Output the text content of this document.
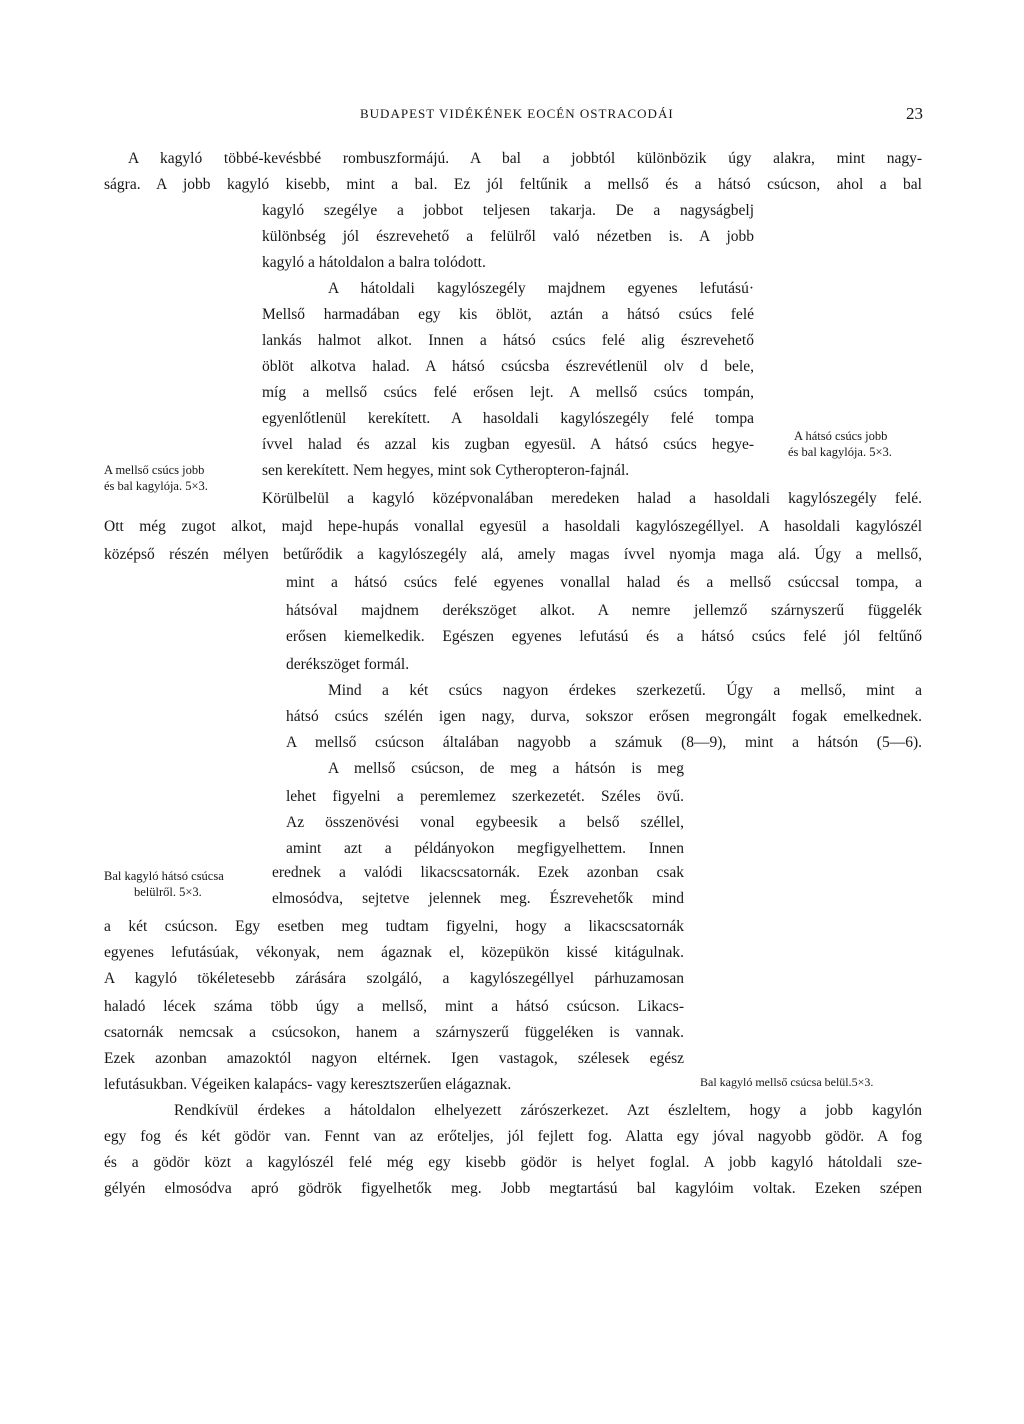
BUDAPEST VIDÉKÉNEK EOCÉN OSTRACODÁI	23
A kagyló többé-kevésbbé rombuszformájú. A bal a jobbtól különbözik úgy alakra, mint nagy-
ságra. A jobb kagyló kisebb, mint a bal. Ez jól feltűnik a mellső és a hátsó csúcson, ahol a bal
kagyló szegélye a jobbot teljesen takarja. De a nagyságbelj
különbség jól észrevehető a felülről való nézetben is. A jobb
kagyló a hátoldalon a balra tolódott.
A hátoldali kagylószegély majdnem egyenes lefutású·
Mellső harmadában egy kis öblöt, aztán a hátsó csúcs felé
lankás halmot alkot. Innen a hátsó csúcs felé alig észrevehető
öblöt alkotva halad. A hátsó csúcsba észrevétlenül olv d bele,
míg a mellső csúcs felé erősen lejt. A mellső csúcs tompán,
egyenlőtlenül kerekített. A hasoldali kagylószegély felé tompa
ívvel halad és azzal kis zugban egyesül. A hátsó csúcs hegye-
sen kerekített. Nem hegyes, mint sok Cytheropteron-fajnál.
Körülbelül a kagyló középvonalában meredeken halad a hasoldali kagylószegély felé.
Ott még zugot alkot, majd hepe-hupás vonallal egyesül a hasoldali kagylószegéllyel. A hasoldali kagylószél
középső részén mélyen betűrődik a kagylószegély alá, amely magas ívvel nyomja maga alá. Úgy a mellső,
mint a hátsó csúcs felé egyenes vonallal halad és a mellső csúccsal tompa, a
hátsóval majdnem derékszöget alkot. A nemre jellemző szárnyszerű függelék
erősen kiemelkedik. Egészen egyenes lefutású és a hátsó csúcs felé jól feltűnő
derékszöget formál.
Mind a két csúcs nagyon érdekes szerkezetű. Úgy a mellső, mint a
hátsó csúcs szélén igen nagy, durva, sokszor erősen megrongált fogak emelkednek.
A mellső csúcson általában nagyobb a számuk (8—9), mint a hátsón (5—6).
A mellső csúcson, de meg a hátsón is meg
lehet figyelni a peremlemez szerkezetét. Széles övű.
Az összenövési vonal egybeesik a belső széllel,
amint azt a példányokon megfigyelhettem. Innen
erednek a valódi likacscsatornák. Ezek azonban csak
elmosódva, sejtetve jelennek meg. Észrevehetők mind
a két csúcson. Egy esetben meg tudtam figyelni, hogy a likacscsatornák
egyenes lefutásúak, vékonyak, nem ágaznak el, közepükön kissé kitágulnak.
A kagyló tökéletesebb zárására szolgáló, a kagylószegéllyel párhuzamosan
haladó lécek száma több úgy a mellső, mint a hátsó csúcson. Likacs-
csatornák nemcsak a csúcsokon, hanem a szárnyszerű függeléken is vannak.
Ezek azonban amazoktól nagyon eltérnek. Igen vastagok, szélesek egész
lefutásukban. Végeiken kalapács- vagy keresztszerűen elágaznak.
Rendkívül érdekes a hátoldalon elhelyezett zárószerkezet. Azt észleltem, hogy a jobb kagylón
egy fog és két gödör van. Fennt van az erőteljes, jól fejlett fog. Alatta egy jóval nagyobb gödör. A fog
és a gödör közt a kagylószél felé még egy kisebb gödör is helyet foglal. A jobb kagyló hátoldali sze-
gélyén elmosódva apró gödrök figyelhetők meg. Jobb megtartású bal kagylóim voltak. Ezeken szépen
A hátsó csúcs jobb
és bal kagylója. 5×3.
A mellső csúcs jobb
és bal kagylója. 5×3.
Bal kagyló hátsó csúcsa
belülről. 5×3.
Bal kagyló mellső csúcsa belül.5×3.
